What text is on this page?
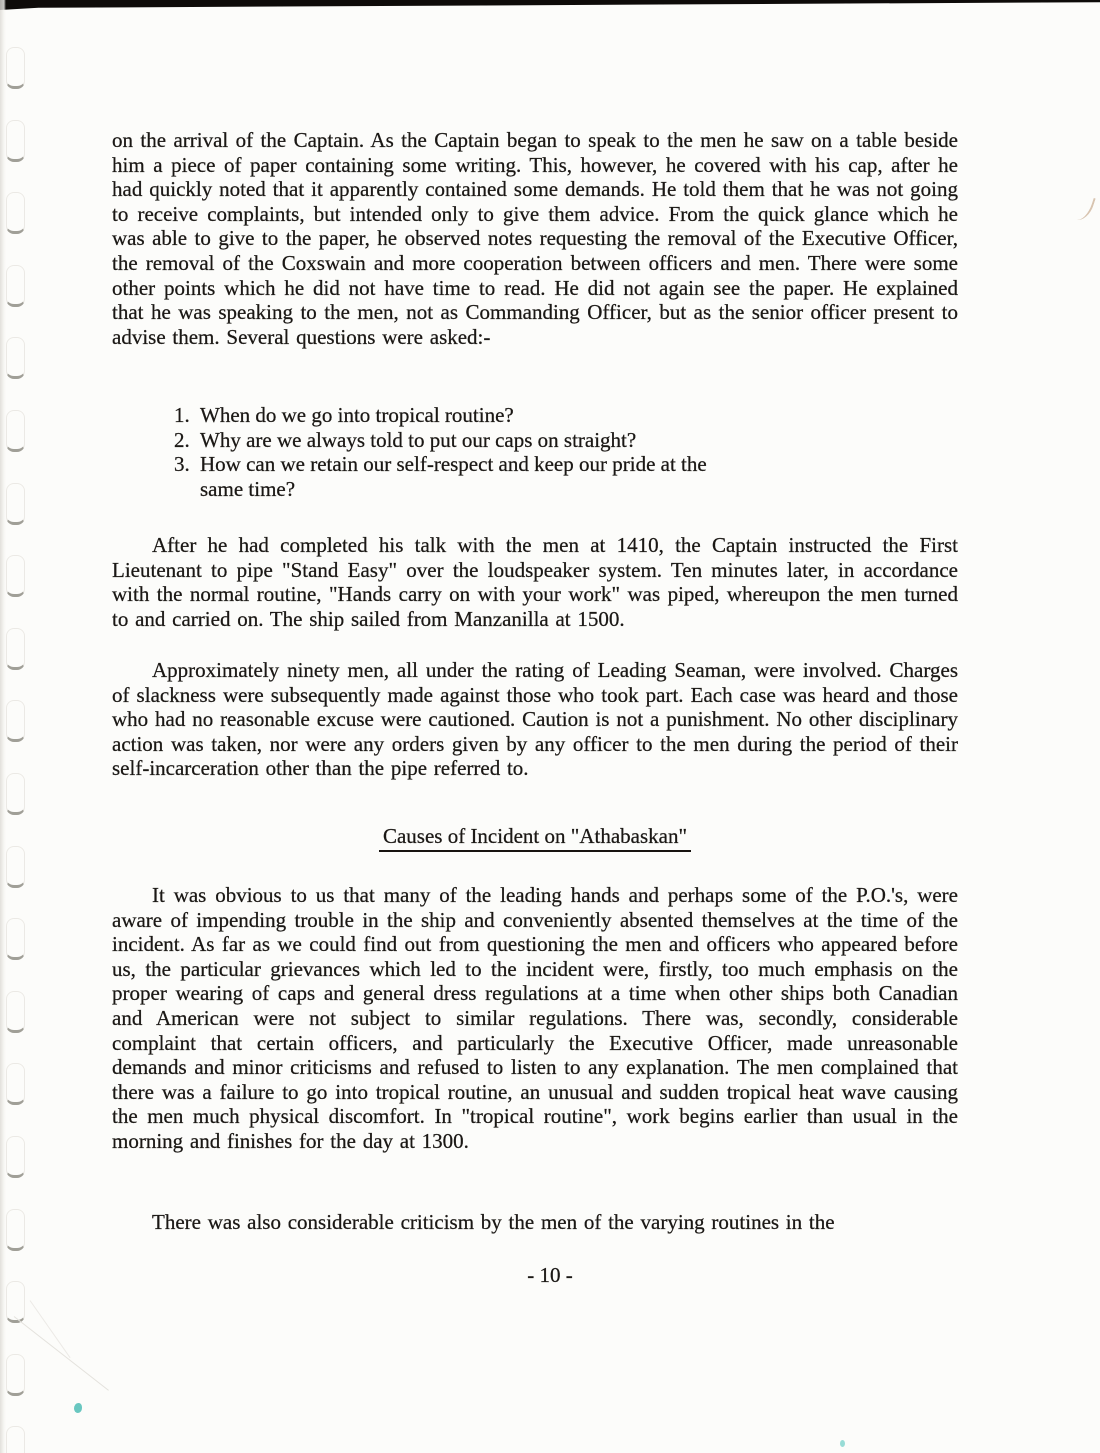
on the arrival of the Captain. As the Captain began to speak to the men he saw on a table beside him a piece of paper containing some writing. This, however, he covered with his cap, after he had quickly noted that it apparently contained some demands. He told them that he was not going to receive complaints, but intended only to give them advice. From the quick glance which he was able to give to the paper, he observed notes requesting the removal of the Executive Officer, the removal of the Coxswain and more cooperation between officers and men. There were some other points which he did not have time to read. He did not again see the paper. He explained that he was speaking to the men, not as Commanding Officer, but as the senior officer present to advise them. Several questions were asked:-

1. When do we go into tropical routine?
2. Why are we always told to put our caps on straight?
3. How can we retain our self-respect and keep our pride at the same time?

After he had completed his talk with the men at 1410, the Captain instructed the First Lieutenant to pipe "Stand Easy" over the loudspeaker system. Ten minutes later, in accordance with the normal routine, "Hands carry on with your work" was piped, whereupon the men turned to and carried on. The ship sailed from Manzanilla at 1500.

Approximately ninety men, all under the rating of Leading Seaman, were involved. Charges of slackness were subsequently made against those who took part. Each case was heard and those who had no reasonable excuse were cautioned. Caution is not a punishment. No other disciplinary action was taken, nor were any orders given by any officer to the men during the period of their self-incarceration other than the pipe referred to.

Causes of Incident on "Athabaskan"

It was obvious to us that many of the leading hands and perhaps some of the P.O.'s, were aware of impending trouble in the ship and conveniently absented themselves at the time of the incident. As far as we could find out from questioning the men and officers who appeared before us, the particular grievances which led to the incident were, firstly, too much emphasis on the proper wearing of caps and general dress regulations at a time when other ships both Canadian and American were not subject to similar regulations. There was, secondly, considerable complaint that certain officers, and particularly the Executive Officer, made unreasonable demands and minor criticisms and refused to listen to any explanation. The men complained that there was a failure to go into tropical routine, an unusual and sudden tropical heat wave causing the men much physical discomfort. In "tropical routine", work begins earlier than usual in the morning and finishes for the day at 1300.

There was also considerable criticism by the men of the varying routines in the

- 10 -
